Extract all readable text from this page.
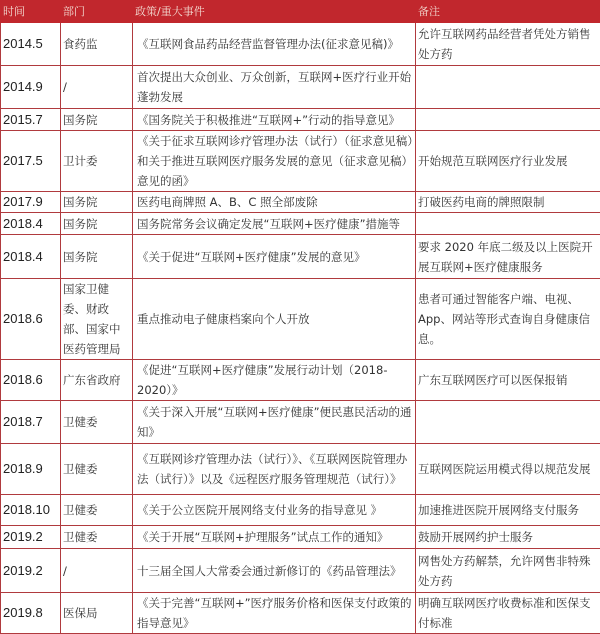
时间	部门	政策/重大事件	备注
2014.5	食药监	《互联网食品药品经营监督管理办法(征求意见稿)》	允许互联网药品经营者凭处方销售处方药
2014.9	/	首次提出大众创业、万众创新，互联网+医疗行业开始蓬勃发展	
2015.7	国务院	《国务院关于积极推进“互联网+”行动的指导意见》	
2017.5	卫计委	《关于征求互联网诊疗管理办法（试行）（征求意见稿）和关于推进互联网医疗服务发展的意见（征求意见稿）意见的函》	开始规范互联网医疗行业发展
2017.9	国务院	医药电商牌照 A、B、C 照全部废除	打破医药电商的牌照限制
2018.4	国务院	国务院常务会议确定发展“互联网+医疗健康”措施等	
2018.4	国务院	《关于促进“互联网+医疗健康”发展的意见》	要求 2020 年底二级及以上医院开展互联网+医疗健康服务
2018.6	国家卫健委、财政部、国家中医药管理局	重点推动电子健康档案向个人开放	患者可通过智能客户端、电视、App、网站等形式查询自身健康信息。
2018.6	广东省政府	《促进“互联网+医疗健康”发展行动计划（2018-2020）》	广东互联网医疗可以医保报销
2018.7	卫健委	《关于深入开展“互联网+医疗健康”便民惠民活动的通知》	
2018.9	卫健委	《互联网诊疗管理办法（试行）》、《互联网医院管理办法（试行）》以及《远程医疗服务管理规范（试行）》	互联网医院运用模式得以规范发展
2018.10	卫健委	《关于公立医院开展网络支付业务的指导意见 》	加速推进医院开展网络支付服务
2019.2	卫健委	《关于开展“互联网+护理服务”试点工作的通知》	鼓励开展网约护士服务
2019.2	/	十三届全国人大常委会通过新修订的《药品管理法》	网售处方药解禁，允许网售非特殊处方药
2019.8	医保局	《关于完善“互联网+”医疗服务价格和医保支付政策的指导意见》	明确互联网医疗收费标准和医保支付标准
